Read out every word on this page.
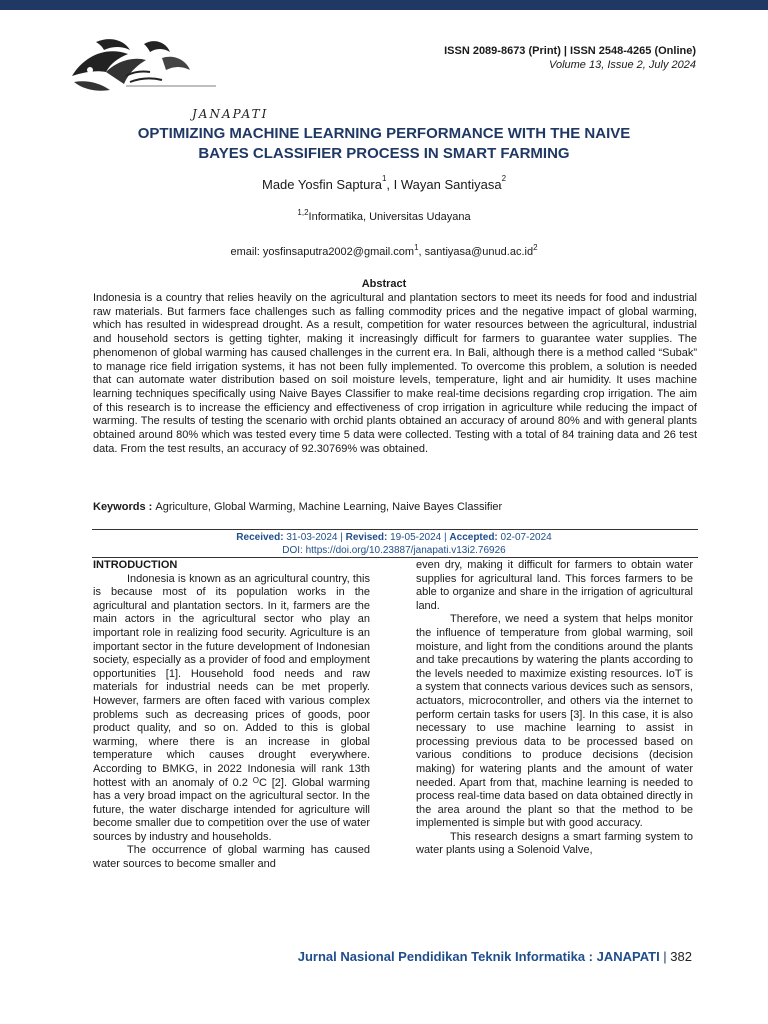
JANAPATI
ISSN 2089-8673 (Print) | ISSN 2548-4265 (Online)
Volume 13, Issue 2, July 2024
OPTIMIZING MACHINE LEARNING PERFORMANCE WITH THE NAIVE
BAYES CLASSIFIER PROCESS IN SMART FARMING
Made Yosfin Saptura$^1$, I Wayan Santiyasa$^2$
$^{1,2}$Informatika, Universitas Udayana
email: yosfinsaputra2002@gmail.com$^1$, $santiyasa@unud.ac.id^2$
Abstract

Indonesia is a country that relies heavily on the agricultural and plantation sectors to meet its needs for food and industrial raw materials. But farmers face challenges such as falling commodity prices and the negative impact of global warming, which has resulted in widespread drought. As a result, competition for water resources between the agricultural, industrial and household sectors is getting tighter, making it increasingly difficult for farmers to guarantee water supplies. The phenomenon of global warming has caused challenges in the current era. In Bali, although there is a method called “Subak” to manage rice field irrigation systems, it has not been fully implemented. To overcome this problem, a solution is needed that can automate water distribution based on soil moisture levels, temperature, light and air humidity. It uses machine learning techniques specifically using Naive Bayes Classifier to make real-time decisions regarding crop irrigation. The aim of this research is to increase the efficiency and effectiveness of crop irrigation in agriculture while reducing the impact of warming. The results of testing the scenario with orchid plants obtained an accuracy of around 80% and with general plants obtained around 80% which was tested every time 5 data were collected. Testing with a total of 84 training data and 26 test data. From the test results, an accuracy of 92.30769% was obtained.

Keywords : Agriculture, Global Warming, Machine Learning, Naive Bayes Classifier

Received: 31-03-2024 | Revised: 19-05-2024 | Accepted: 02-07-2024
DOI: https://doi.org/10.23887/janapati.v13i2.76926

INTRODUCTION

Indonesia is known as an agricultural country, this is because most of its population works in the agricultural and plantation sectors. In it, farmers are the main actors in the agricultural sector who play an important role in realizing food security. Agriculture is an important sector in the future development of Indonesian society, especially as a provider of food and employment opportunities [1]. Household food needs and raw materials for industrial needs can be met properly. However, farmers are often faced with various complex problems such as decreasing prices of goods, poor product quality, and so on. Added to this is global warming, where there is an increase in global temperature which causes drought everywhere. According to BMKG, in 2022 Indonesia will rank 13th hottest with an anomaly of 0.2 $^O$C [2]. Global warming has a very broad impact on the agricultural sector. In the future, the water discharge intended for agriculture will become smaller due to competition over the use of water sources by industry and households.

The occurrence of global warming has caused water sources to become smaller and

even dry, making it difficult for farmers to obtain water supplies for agricultural land. This forces farmers to be able to organize and share in the irrigation of agricultural land.

Therefore, we need a system that helps monitor the influence of temperature from global warming, soil moisture, and light from the conditions around the plants and take precautions by watering the plants according to the levels needed to maximize existing resources. IoT is a system that connects various devices such as sensors, actuators, microcontroller, and others via the internet to perform certain tasks for users [3]. In this case, it is also necessary to use machine learning to assist in processing previous data to be processed based on various conditions to produce decisions (decision making) for watering plants and the amount of water needed. Apart from that, machine learning is needed to process real-time data based on data obtained directly in the area around the plant so that the method to be implemented is simple but with good accuracy.

This research designs a smart farming system to water plants using a Solenoid Valve,

Jurnal Nasional Pendidikan Teknik Informatika : JANAPATI | 382
